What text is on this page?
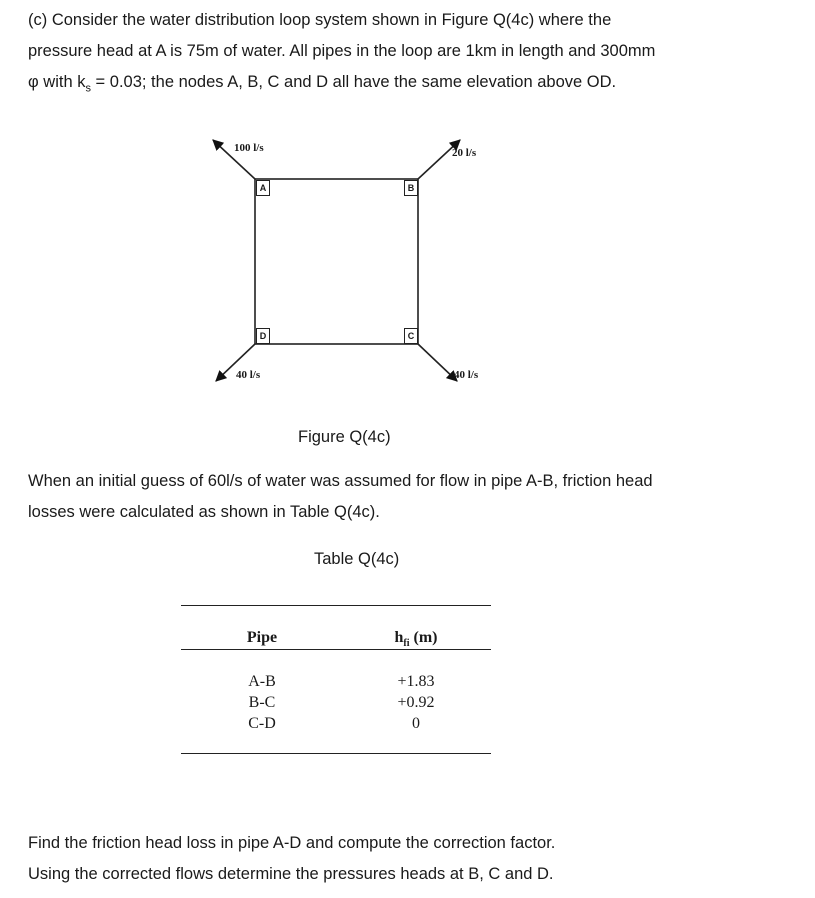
(c) Consider the water distribution loop system shown in Figure Q(4c) where the
pressure head at A is 75m of water. All pipes in the loop are 1km in length and 300mm
φ with $k_s = 0.03$; the nodes A, B, C and D all have the same elevation above OD.

100 l/s	20 l/s
40 l/s
40 l/s
A	B
C
D
Figure Q(4c)

When an initial guess of 60l/s of water was assumed for flow in pipe A-B, friction head
losses were calculated as shown in Table Q(4c).

Table Q(4c)
Pipe	$h_{fi}$ (m)
A-B	+1.83
B-C	+0.92
C-D	0

Find the friction head loss in pipe A-D and compute the correction factor.
Using the corrected flows determine the pressures heads at B, C and D.
